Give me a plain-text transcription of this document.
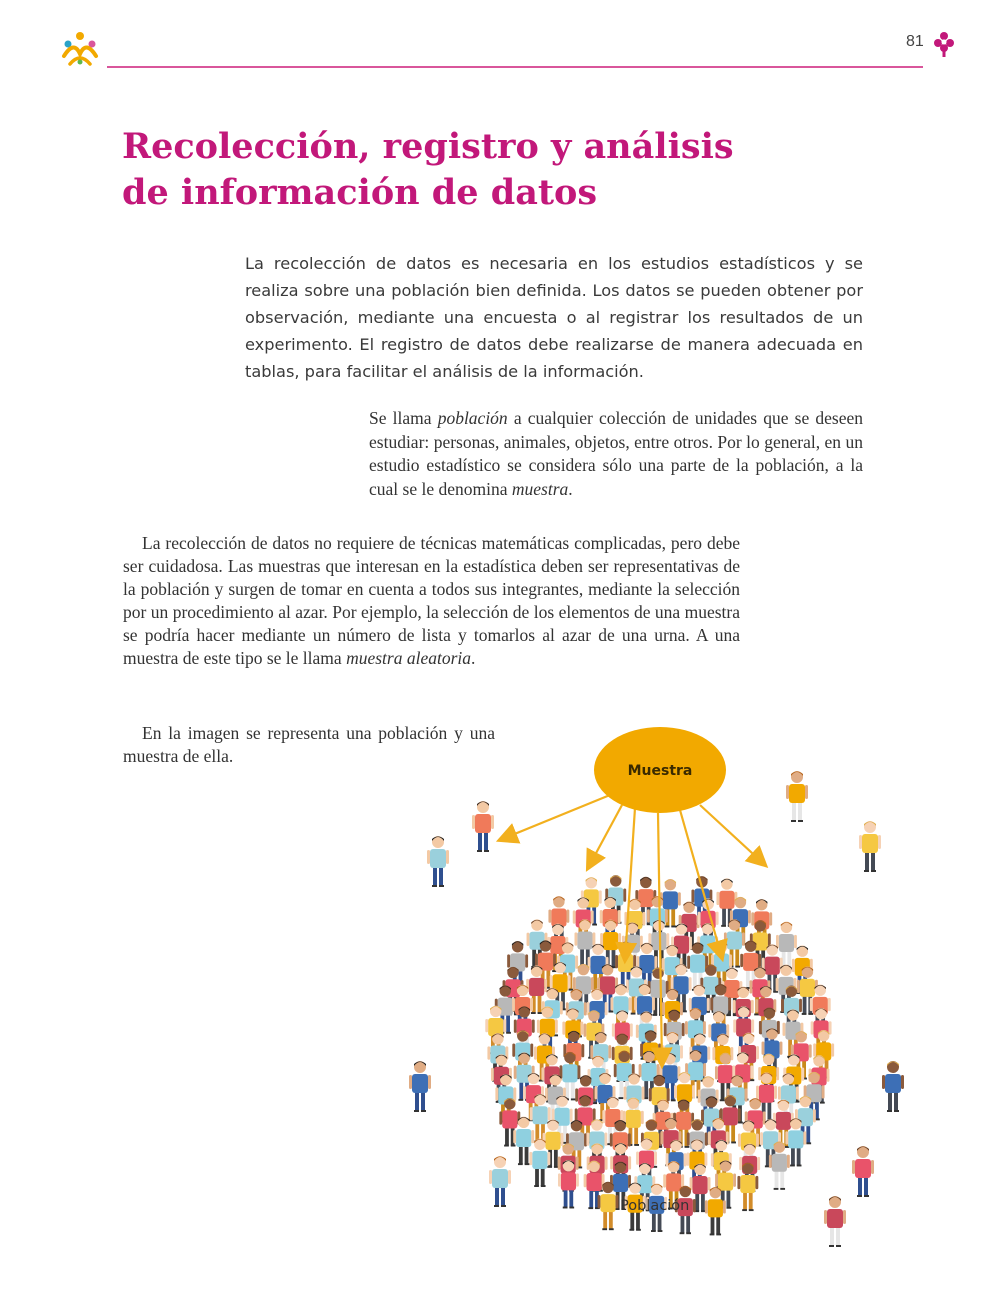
81
Recolección, registro y análisis
de información de datos

La recolección de datos es necesaria en los estudios estadísticos y se realiza sobre una población bien definida. Los datos se pueden obtener por observación, mediante una encuesta o al registrar los resultados de un experimento. El registro de datos debe realizarse de manera adecuada en tablas, para facilitar el análisis de la información.

Se llama población a cualquier colección de unidades que se deseen estudiar: personas, animales, objetos, entre otros. Por lo general, en un estudio estadístico se considera sólo una parte de la población, a la cual se le denomina muestra.

La recolección de datos no requiere de técnicas matemáticas complicadas, pero debe ser cuidadosa. Las muestras que interesan en la estadística deben ser representativas de la población y surgen de tomar en cuenta a todos sus integrantes, mediante la selección por un procedimiento al azar. Por ejemplo, la selección de los elementos de una muestra se podría hacer mediante un número de lista y tomarlos al azar de una urna. A una muestra de este tipo se le llama muestra aleatoria.

En la imagen se representa una población y una muestra de ella.

Muestra
Población
